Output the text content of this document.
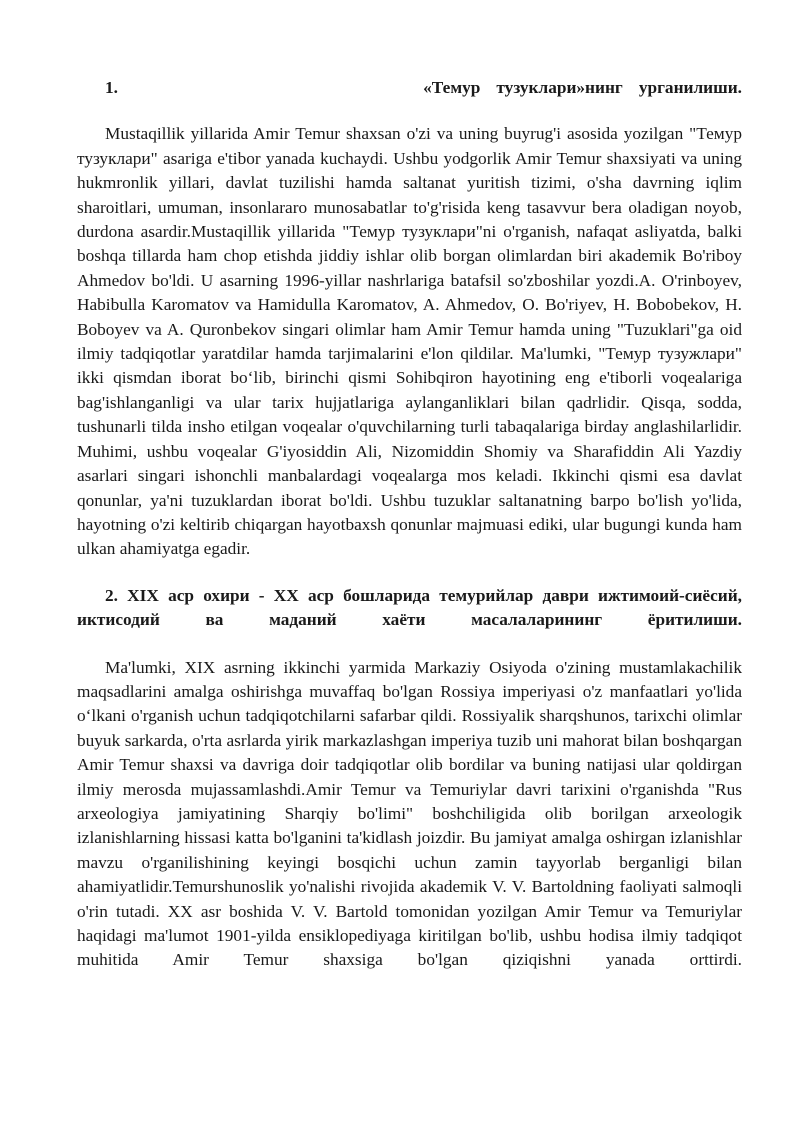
1.                   «Темур тузуклари»нинг урганилиши.

Mustaqillik yillarida Amir Temur shaxsan o'zi va uning buyrug'i asosida yozilgan "Темур тузуклари" asariga e'tibor yanada kuchaydi. Ushbu yodgorlik Amir Temur shaxsiyati va uning hukmronlik yillari, davlat tuzilishi hamda saltanat yuritish tizimi, o'sha davrning iqlim sharoitlari, umuman, insonlararo munosabatlar to'g'risida keng tasavvur bera oladigan noyob, durdona asardir.Mustaqillik yillarida "Темур тузуклари"ni o'rganish, nafaqat asliyatda, balki boshqa tillarda ham chop etishda jiddiy ishlar olib borgan olimlardan biri akademik Bo'riboy Ahmedov bo'ldi. U asarning 1996-yillar nashrlariga batafsil so'zboshilar yozdi.A. O'rinboyev, Habibulla Karomatov va Hamidulla Karomatov, A. Ahmedov, O. Bo'riyev, H. Bobobekov, H. Boboyev va A. Quronbekov singari olimlar ham Amir Temur hamda uning "Tuzuklari"ga oid ilmiy tadqiqotlar yaratdilar hamda tarjimalarini e'lon qildilar. Ma'lumki, "Темур тузужлари" ikki qismdan iborat bo‘lib, birinchi qismi Sohibqiron hayotining eng e'tiborli voqealariga bag'ishlanganligi va ular tarix hujjatlariga aylanganliklari bilan qadrlidir. Qisqa, sodda, tushunarli tilda insho etilgan voqealar o'quvchilarning turli tabaqalariga birday anglashilarlidir. Muhimi, ushbu voqealar G'iyosiddin Ali, Nizomiddin Shomiy va Sharafiddin Ali Yazdiy asarlari singari ishonchli manbalardagi voqealarga mos keladi. Ikkinchi qismi esa davlat qonunlar, ya'ni tuzuklardan iborat bo'ldi. Ushbu tuzuklar saltanatning barpo bo'lish yo'lida, hayotning o'zi keltirib chiqargan hayotbaxsh qonunlar majmuasi ediki, ular bugungi kunda ham ulkan ahamiyatga egadir.

2. XIX аср охири - XX аср бошларида темурийлар даври ижтимоий-сиёсий, иктисодий ва маданий хаёти масалаларининг ёритилиши.

Ma'lumki, XIX asrning ikkinchi yarmida Markaziy Osiyoda o'zining mustamlakachilik maqsadlarini amalga oshirishga muvaffaq bo'lgan Rossiya imperiyasi o'z manfaatlari yo'lida o‘lkani o'rganish uchun tadqiqotchilarni safarbar qildi. Rossiyalik sharqshunos, tarixchi olimlar buyuk sarkarda, o'rta asrlarda yirik markazlashgan imperiya tuzib uni mahorat bilan boshqargan Amir Temur shaxsi va davriga doir tadqiqotlar olib bordilar va buning natijasi ular qoldirgan ilmiy merosda mujassamlashdi.Amir Temur va Temuriylar davri tarixini o'rganishda "Rus arxeologiya jamiyatining Sharqiy bo'limi" boshchiligida olib borilgan arxeologik izlanishlarning hissasi katta bo'lganini ta'kidlash joizdir. Bu jamiyat amalga oshirgan izlanishlar mavzu o'rganilishining keyingi bosqichi uchun zamin tayyorlab berganligi bilan ahamiyatlidir.Temurshunoslik yo'nalishi rivojida akademik V. V. Bartoldning faoliyati salmoqli o'rin tutadi. XX asr boshida V. V. Bartold tomonidan yozilgan Amir Temur va Temuriylar haqidagi ma'lumot 1901-yilda ensiklopediyaga kiritilgan bo'lib, ushbu hodisa ilmiy tadqiqot muhitida Amir Temur shaxsiga bo'lgan qiziqishni yanada orttirdi.
